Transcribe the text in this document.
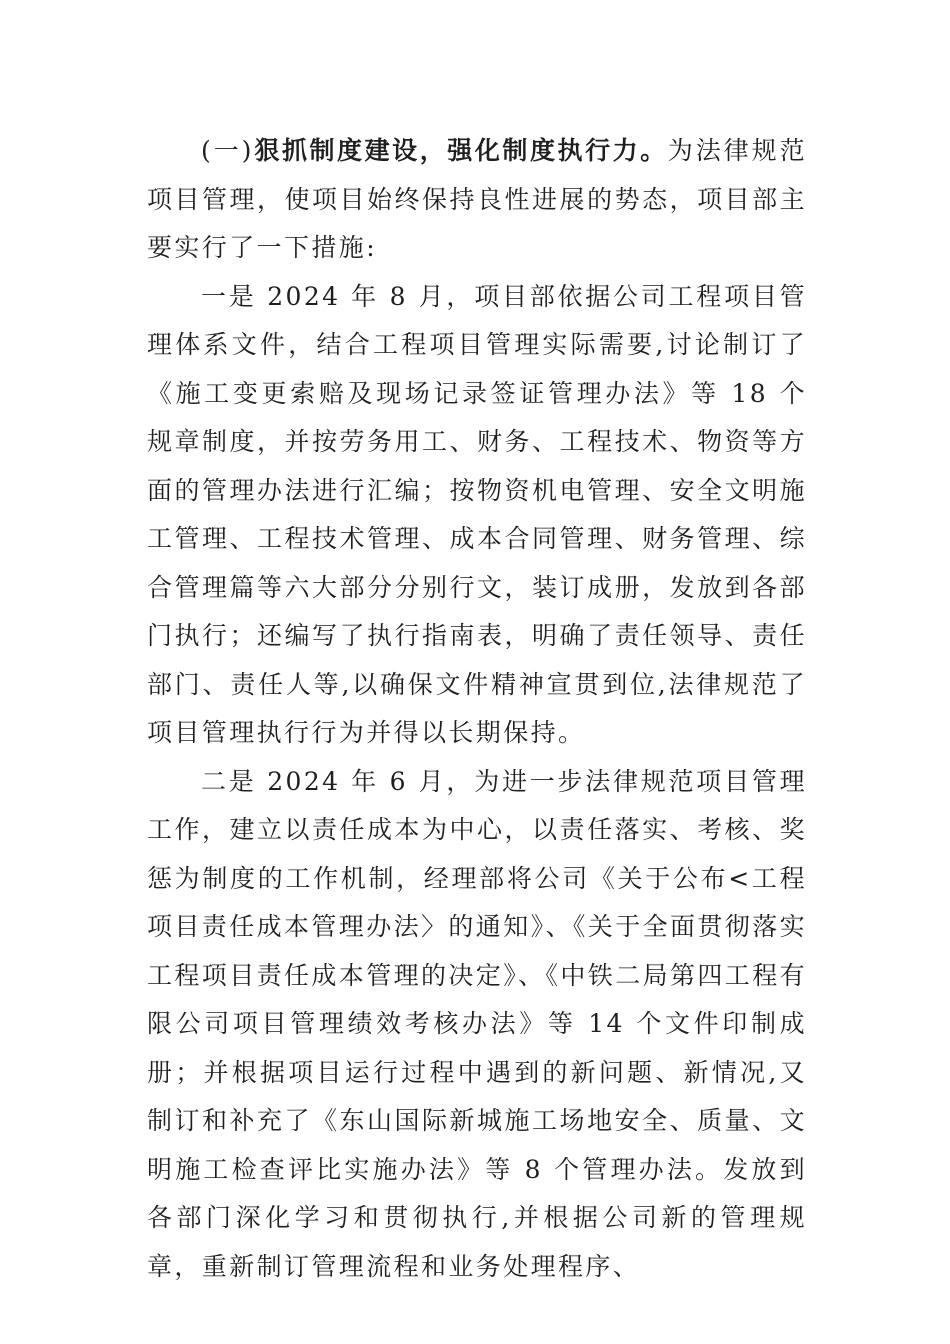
(一)狠抓制度建设，强化制度执行力。为法律规范项目管理，使项目始终保持良性进展的势态，项目部主要实行了一下措施:

一是 2024 年 8 月，项目部依据公司工程项目管理体系文件，结合工程项目管理实际需要,讨论制订了《施工变更索赔及现场记录签证管理办法》等 18 个规章制度，并按劳务用工、财务、工程技术、物资等方面的管理办法进行汇编；按物资机电管理、安全文明施工管理、工程技术管理、成本合同管理、财务管理、综合管理篇等六大部分分别行文，装订成册，发放到各部门执行；还编写了执行指南表，明确了责任领导、责任部门、责任人等,以确保文件精神宣贯到位,法律规范了项目管理执行行为并得以长期保持。

二是 2024 年 6 月，为进一步法律规范项目管理工作，建立以责任成本为中心，以责任落实、考核、奖惩为制度的工作机制，经理部将公司《关于公布<工程项目责任成本管理办法〉的通知》、《关于全面贯彻落实工程项目责任成本管理的决定》、《中铁二局第四工程有限公司项目管理绩效考核办法》等 14 个文件印制成册；并根据项目运行过程中遇到的新问题、新情况,又制订和补充了《东山国际新城施工场地安全、质量、文明施工检查评比实施办法》等 8 个管理办法。发放到各部门深化学习和贯彻执行,并根据公司新的管理规章，重新制订管理流程和业务处理程序、
